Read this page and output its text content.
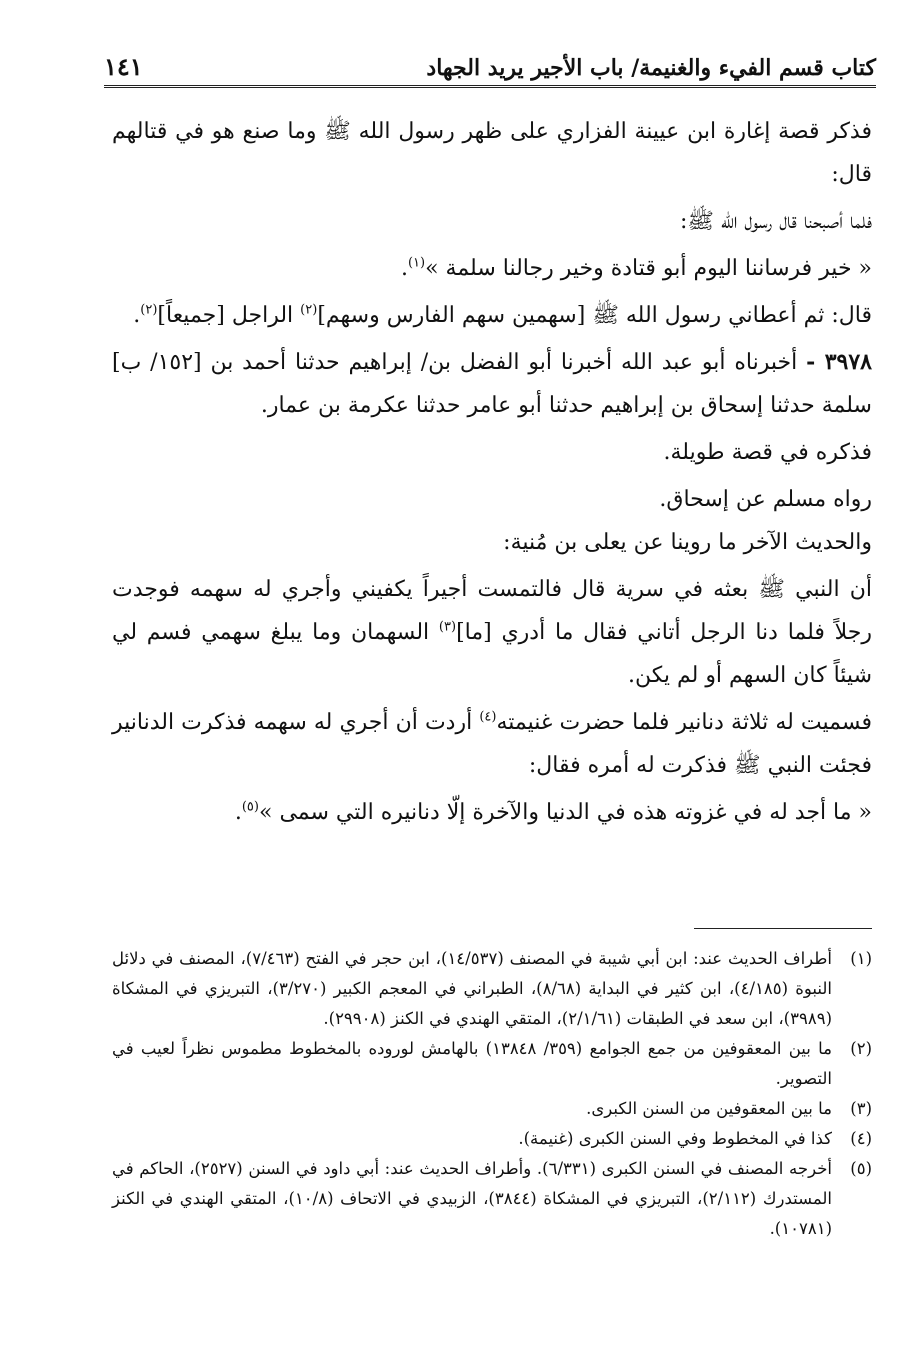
كتاب قسم الفيء والغنيمة/ باب الأجير يريد الجهاد
١٤١

فذكر قصة إغارة ابن عيينة الفزاري على ظهر رسول الله ﷺ وما صنع هو في قتالهم قال:

فلما أصبحنا قال رسول الله ﷺ:

« خير فرساننا اليوم أبو قتادة وخير رجالنا سلمة »$^{(١)}$.

قال: ثم أعطاني رسول الله ﷺ [سهمين سهم الفارس وسهم]$^{(٢)}$ الراجل [جميعاً]$^{(٢)}$.

٣٩٧٨ - أخبرناه أبو عبد الله أخبرنا أبو الفضل بن/ إبراهيم حدثنا أحمد بن [١٥٢/ ب] سلمة حدثنا إسحاق بن إبراهيم حدثنا أبو عامر حدثنا عكرمة بن عمار.

فذكره في قصة طويلة.

رواه مسلم عن إسحاق.

والحديث الآخر ما روينا عن يعلى بن مُنية:

أن النبي ﷺ بعثه في سرية قال فالتمست أجيراً يكفيني وأجري له سهمه فوجدت رجلاً فلما دنا الرجل أتاني فقال ما أدري [ما]$^{(٣)}$ السهمان وما يبلغ سهمي فسم لي شيئاً كان السهم أو لم يكن.

فسميت له ثلاثة دنانير فلما حضرت غنيمته$^{(٤)}$ أردت أن أجري له سهمه فذكرت الدنانير فجئت النبي ﷺ فذكرت له أمره فقال:

« ما أجد له في غزوته هذه في الدنيا والآخرة إلّا دنانيره التي سمى »$^{(٥)}$.

(١)
أطراف الحديث عند: ابن أبي شيبة في المصنف (١٤/٥٣٧)، ابن حجر في الفتح (٧/٤٦٣)، المصنف في دلائل النبوة (٤/١٨٥)، ابن كثير في البداية (٨/٦٨)، الطبراني في المعجم الكبير (٣/٢٧٠)، التبريزي في المشكاة (٣٩٨٩)، ابن سعد في الطبقات (٢/١/٦١)، المتقي الهندي في الكنز (٢٩٩٠٨).

(٢)
ما بين المعقوفين من جمع الجوامع (٣٥٩/ ١٣٨٤٨) بالهامش لوروده بالمخطوط مطموس نظراً لعيب في التصوير.

(٣)
ما بين المعقوفين من السنن الكبرى.

(٤)
كذا في المخطوط وفي السنن الكبرى (غنيمة).

(٥)
أخرجه المصنف في السنن الكبرى (٦/٣٣١). وأطراف الحديث عند: أبي داود في السنن (٢٥٢٧)، الحاكم في المستدرك (٢/١١٢)، التبريزي في المشكاة (٣٨٤٤)، الزبيدي في الاتحاف (١٠/٨)، المتقي الهندي في الكنز (١٠٧٨١).
